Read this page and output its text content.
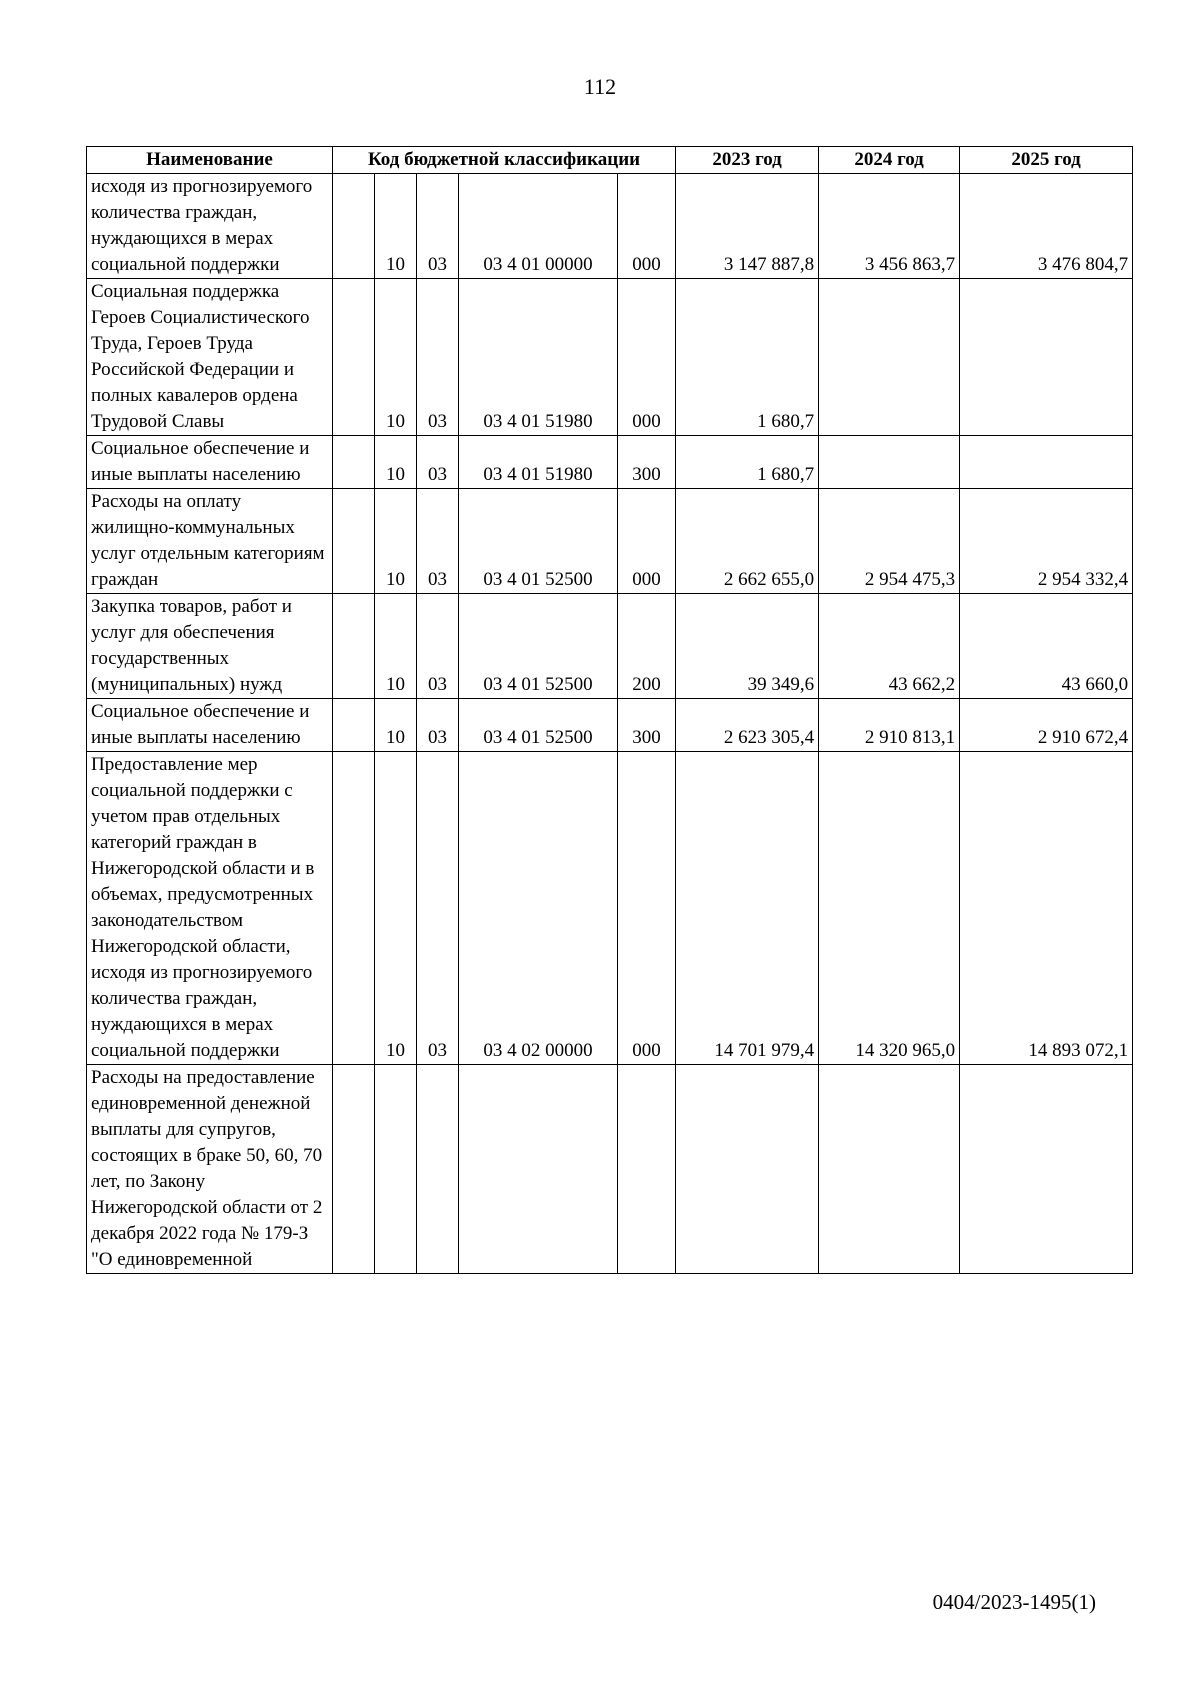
112
Наименование	Код бюджетной классификации					2023 год	2024 год	2025 год
исходя из прогнозируемого количества граждан, нуждающихся в мерах социальной поддержки		10	03	03 4 01 00000	000	3 147 887,8	3 456 863,7	3 476 804,7
Социальная поддержка Героев Социалистического Труда, Героев Труда Российской Федерации и полных кавалеров ордена Трудовой Славы		10	03	03 4 01 51980	000	1 680,7		
Социальное обеспечение и иные выплаты населению		10	03	03 4 01 51980	300	1 680,7		
Расходы на оплату жилищно-коммунальных услуг отдельным категориям граждан		10	03	03 4 01 52500	000	2 662 655,0	2 954 475,3	2 954 332,4
Закупка товаров, работ и услуг для обеспечения государственных (муниципальных) нужд		10	03	03 4 01 52500	200	39 349,6	43 662,2	43 660,0
Социальное обеспечение и иные выплаты населению		10	03	03 4 01 52500	300	2 623 305,4	2 910 813,1	2 910 672,4
Предоставление мер социальной поддержки с учетом прав отдельных категорий граждан в Нижегородской области и в объемах, предусмотренных законодательством Нижегородской области, исходя из прогнозируемого количества граждан, нуждающихся в мерах социальной поддержки		10	03	03 4 02 00000	000	14 701 979,4	14 320 965,0	14 893 072,1
Расходы на предоставление единовременной денежной выплаты для супругов, состоящих в браке 50, 60, 70 лет, по Закону Нижегородской области от 2 декабря 2022 года № 179-З "О единовременной								
0404/2023-1495(1)
